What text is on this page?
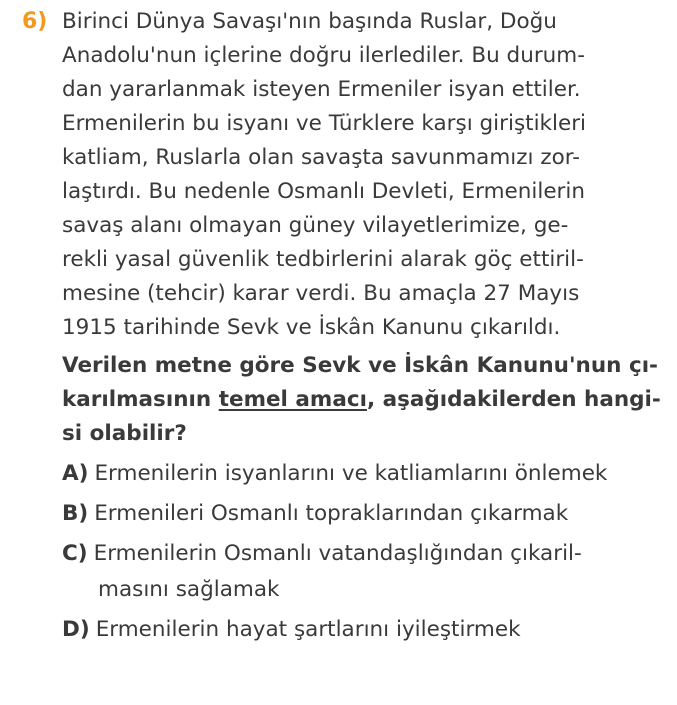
6) Birinci Dünya Savaşı'nın başında Ruslar, Doğu
Anadolu'nun içlerine doğru ilerlediler. Bu durum-
dan yararlanmak isteyen Ermeniler isyan ettiler.
Ermenilerin bu isyanı ve Türklere karşı giriştikleri
katliam, Ruslarla olan savaşta savunmamızı zor-
laştırdı. Bu nedenle Osmanlı Devleti, Ermenilerin
savaş alanı olmayan güney vilayetlerimize, ge-
rekli yasal güvenlik tedbirlerini alarak göç ettiril-
mesine (tehcir) karar verdi. Bu amaçla 27 Mayıs
1915 tarihinde Sevk ve İskân Kanunu çıkarıldı.
Verilen metne göre Sevk ve İskân Kanunu'nun çı-
karılmasının temel amacı, aşağıdakilerden hangi-
si olabilir?
A) Ermenilerin isyanlarını ve katliamlarını önlemek
B) Ermenileri Osmanlı topraklarından çıkarmak
C) Ermenilerin Osmanlı vatandaşlığından çıkaril-
masını sağlamak
D) Ermenilerin hayat şartlarını iyileştirmek
